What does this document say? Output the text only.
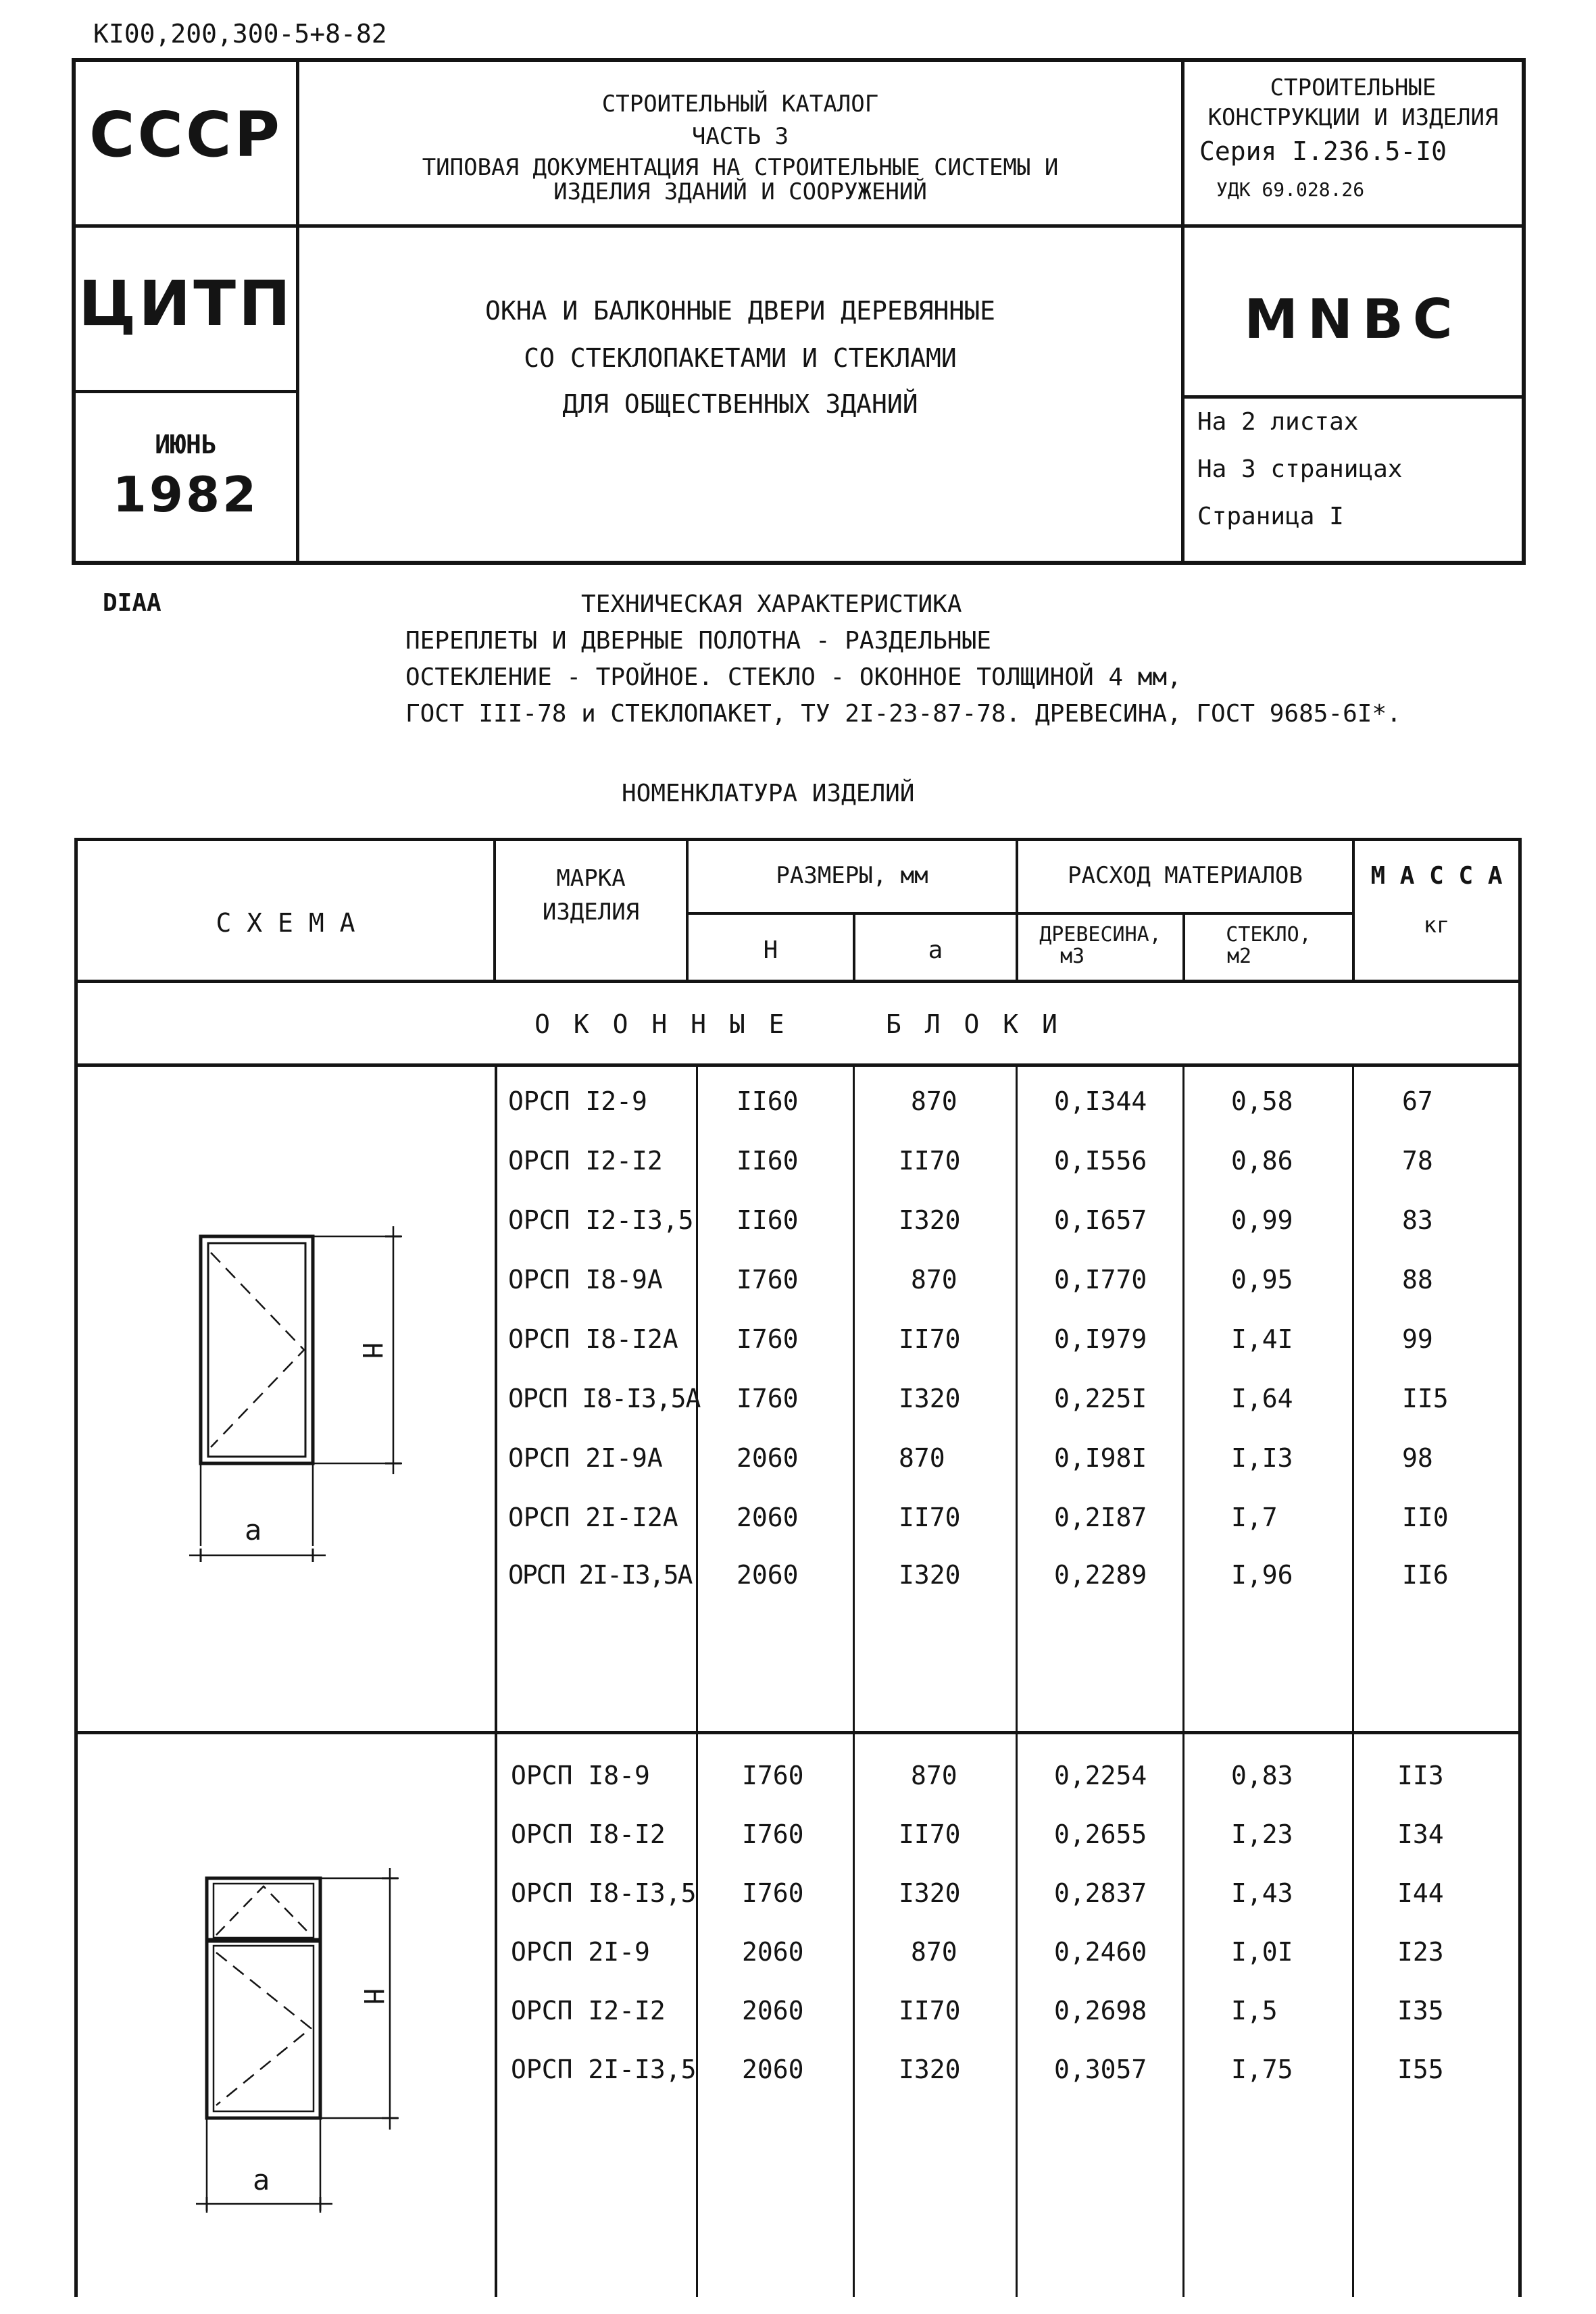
КI00,200,300-5+8-82
СССР
ЦИТП
ИЮНЬ
1982
СТРОИТЕЛЬНЫЙ КАТАЛОГ
ЧАСТЬ 3
ТИПОВАЯ ДОКУМЕНТАЦИЯ НА СТРОИТЕЛЬНЫЕ СИСТЕМЫ И
ИЗДЕЛИЯ ЗДАНИЙ И СООРУЖЕНИЙ
ОКНА И БАЛКОННЫЕ ДВЕРИ ДЕРЕВЯННЫЕ
СО СТЕКЛОПАКЕТАМИ И СТЕКЛАМИ
ДЛЯ ОБЩЕСТВЕННЫХ ЗДАНИЙ
СТРОИТЕЛЬНЫЕ
КОНСТРУКЦИИ И ИЗДЕЛИЯ
Серия I.236.5-I0
УДК 69.028.26
MNBC
На 2 листах
На 3 страницах
Страница I
DIAA	ТЕХНИЧЕСКАЯ ХАРАКТЕРИСТИКА
ПЕРЕПЛЕТЫ И ДВЕРНЫЕ ПОЛОТНА - РАЗДЕЛЬНЫЕ
ОСТЕКЛЕНИЕ - ТРОЙНОЕ. СТЕКЛО - ОКОННОЕ ТОЛЩИНОЙ 4 мм,
ГОСТ III-78 и СТЕКЛОПАКЕТ, ТУ 2I-23-87-78. ДРЕВЕСИНА, ГОСТ 9685-6I*.
НОМЕНКЛАТУРА ИЗДЕЛИЙ
С Х Е М А
МАРКА
ИЗДЕЛИЯ
РАЗМЕРЫ, мм
Н	а
РАСХОД МАТЕРИАЛОВ
ДРЕВЕСИНА,
м3
СТЕКЛО,
м2
М А С С А
кг
О К О Н Н Ы Е     Б Л О К И
ОРСП I2-9	II60	870	0,I344	0,58	67
ОРСП I2-I2	II60	II70	0,I556	0,86	78
ОРСП I2-I3,5 II60	I320	0,I657	0,99	83
ОРСП I8-9А	I760	870	0,I770	0,95	88
ОРСП I8-I2А I760	II70	0,I979	I,4I	99
ОРСП I8-I3,5А I760	I320	0,225I	I,64	II5
ОРСП 2I-9А	2060	870	0,I98I	I,I3	98
ОРСП 2I-I2А 2060	II70	0,2I87	I,7	II0
ОРСП 2I-I3,5А 2060	I320	0,2289	I,96	II6
ОРСП I8-9	I760	870	0,2254	0,83	II3
ОРСП I8-I2	I760	II70	0,2655	I,23	I34
ОРСП I8-I3,5 I760	I320	0,2837	I,43	I44
ОРСП 2I-9	2060	870	0,2460	I,0I	I23
ОРСП I2-I2	2060	II70	0,2698	I,5	I35
ОРСП 2I-I3,5 2060	I320	0,3057	I,75	I55
Н
а
Н
а
